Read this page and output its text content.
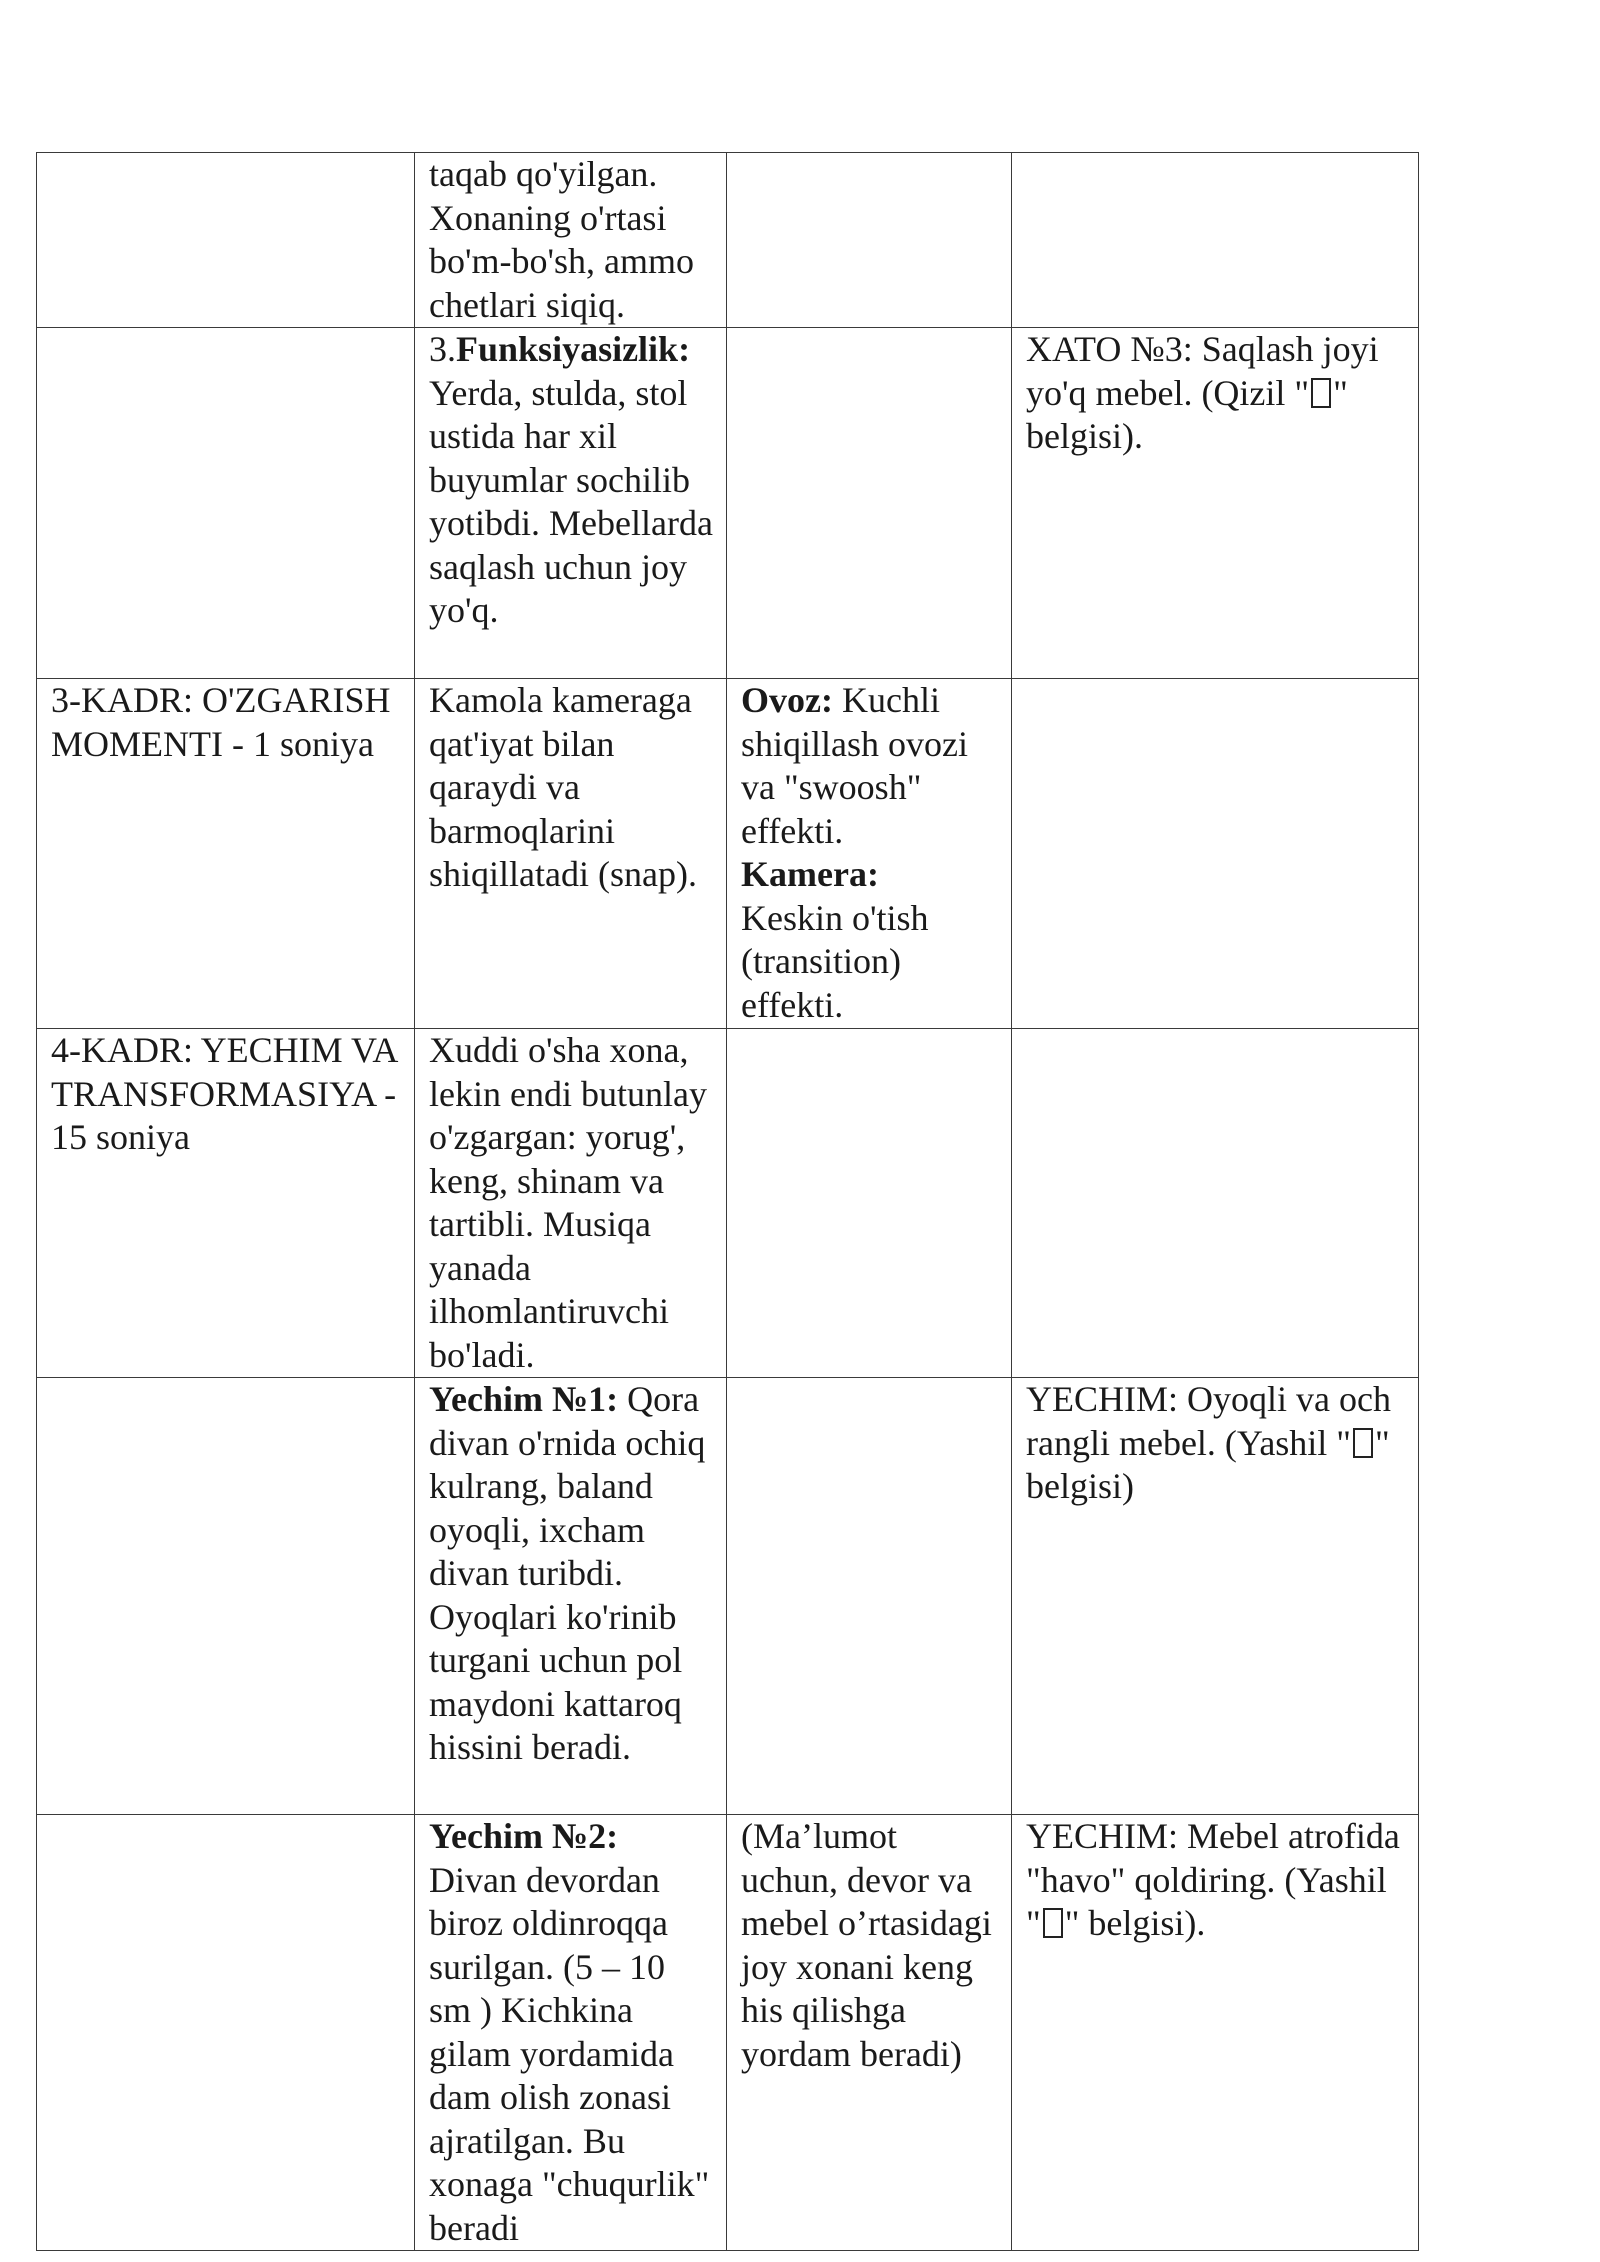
	taqab qo'yilgan. Xonaning o'rtasi bo'm-bo'sh, ammo chetlari siqiq.		
	3.Funksiyasizlik: Yerda, stulda, stol ustida har xil buyumlar sochilib yotibdi. Mebellarda saqlash uchun joy yo'q.		XATO №3: Saqlash joyi yo'q mebel. (Qizil " " belgisi).
3-KADR: O'ZGARISH MOMENTI - 1 soniya	Kamola kameraga qat'iyat bilan qaraydi va barmoqlarini shiqillatadi (snap).	Ovoz: Kuchli shiqillash ovozi va "swoosh" effekti.
Kamera:
Keskin o'tish (transition) effekti.	
4-KADR: YECHIM VA TRANSFORMASIYA - 15 soniya	Xuddi o'sha xona, lekin endi butunlay o'zgargan: yorug', keng, shinam va tartibli. Musiqa yanada ilhomlantiruvchi bo'ladi.		
	Yechim №1: Qora divan o'rnida ochiq kulrang, baland oyoqli, ixcham divan turibdi. Oyoqlari ko'rinib turgani uchun pol maydoni kattaroq hissini beradi.		YECHIM: Oyoqli va och rangli mebel. (Yashil " " belgisi)
	Yechim №2: Divan devordan biroz oldinroqqa surilgan. (5 – 10 sm ) Kichkina gilam yordamida dam olish zonasi ajratilgan. Bu xonaga "chuqurlik" beradi	(Ma’lumot uchun, devor va mebel o’rtasidagi joy xonani keng his qilishga yordam beradi)	YECHIM: Mebel atrofida "havo" qoldiring. (Yashil " " belgisi).
